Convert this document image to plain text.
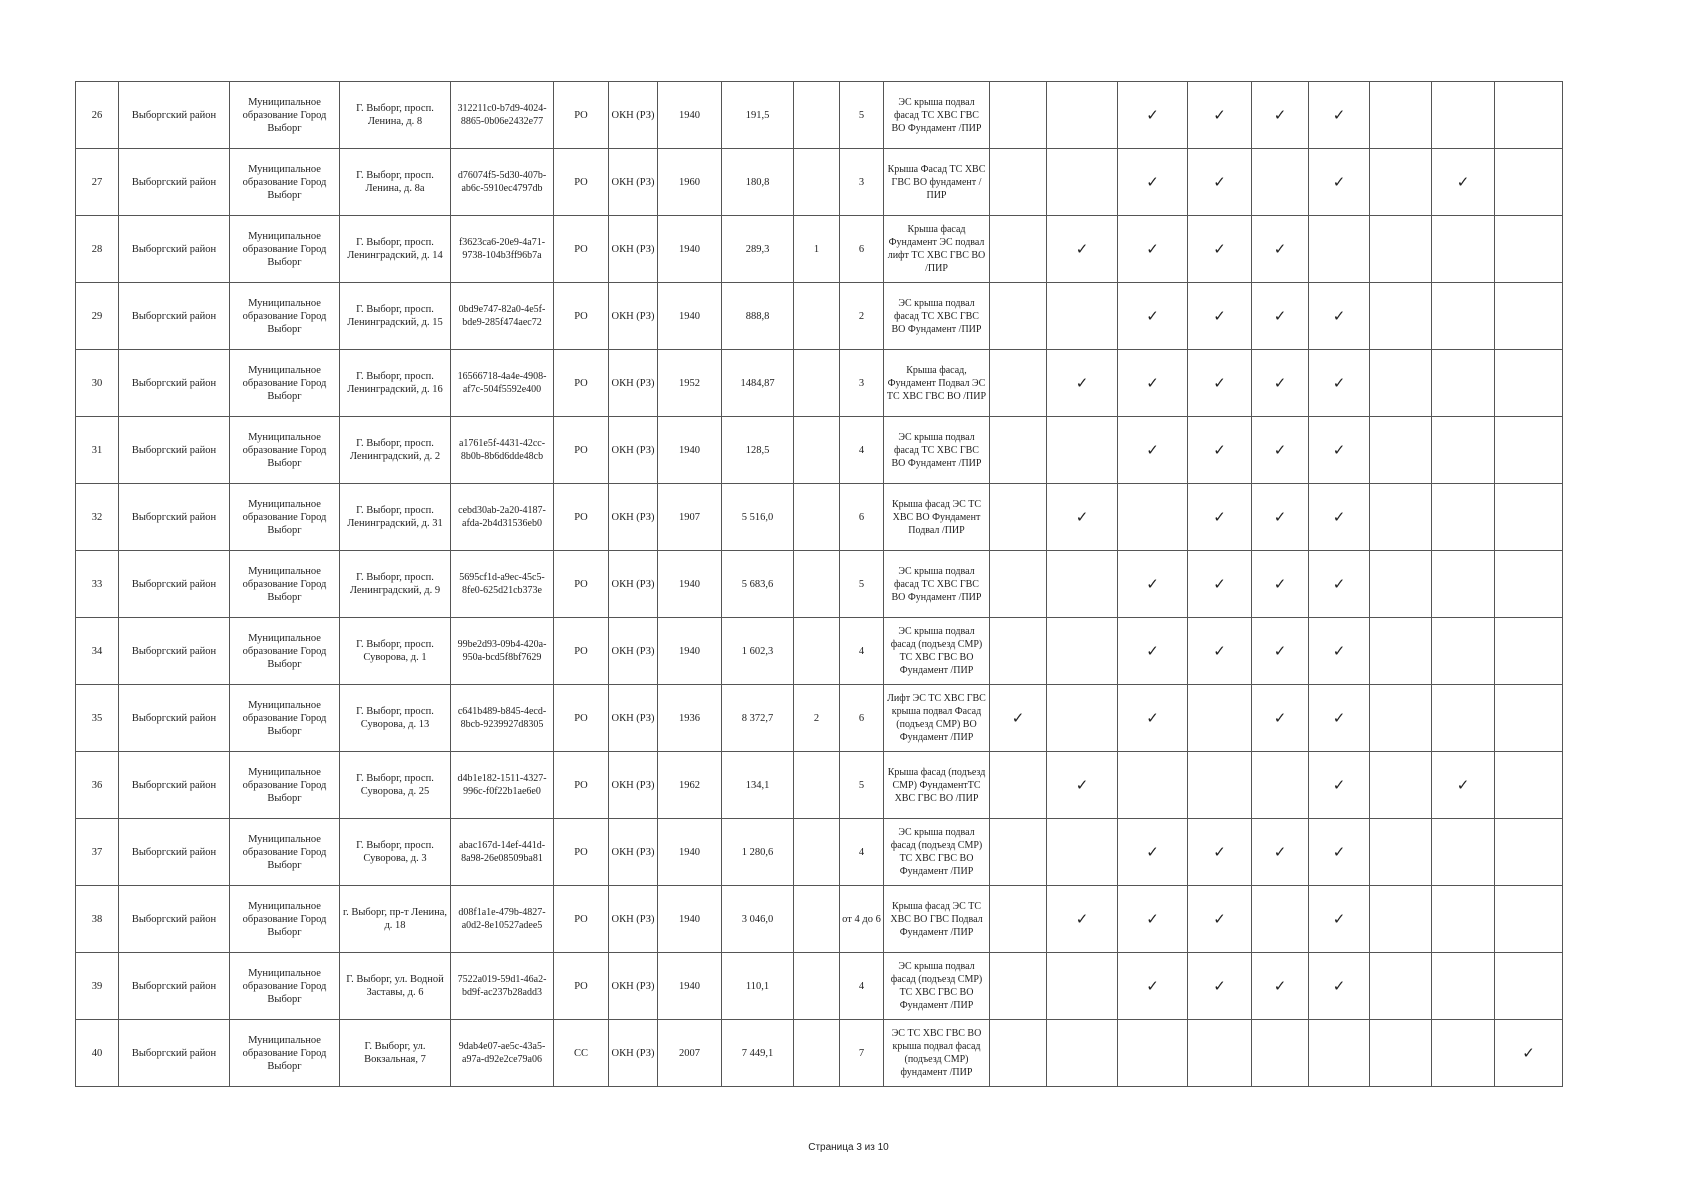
26	Выборгский район	Муниципальное образование Город Выборг	Г. Выборг, просп. Ленина, д. 8	312211c0-b7d9-4024-8865-0b06e2432e77	РО	ОКН (РЗ)	1940	191,5		5	ЭС крыша подвал фасад ТС ХВС ГВС ВО Фундамент /ПИР			✓	✓	✓	✓			
27	Выборгский район	Муниципальное образование Город Выборг	Г. Выборг, просп. Ленина, д. 8а	d76074f5-5d30-407b-ab6c-5910ec4797db	РО	ОКН (РЗ)	1960	180,8		3	Крыша Фасад ТС ХВС ГВС ВО фундамент /ПИР			✓	✓		✓		✓	
28	Выборгский район	Муниципальное образование Город Выборг	Г. Выборг, просп. Ленинградский, д. 14	f3623ca6-20e9-4a71-9738-104b3ff96b7a	РО	ОКН (РЗ)	1940	289,3	1	6	Крыша фасад Фундамент ЭС подвал лифт ТС ХВС ГВС ВО /ПИР		✓	✓	✓	✓				
29	Выборгский район	Муниципальное образование Город Выборг	Г. Выборг, просп. Ленинградский, д. 15	0bd9e747-82a0-4e5f-bde9-285f474aec72	РО	ОКН (РЗ)	1940	888,8		2	ЭС крыша подвал фасад ТС ХВС ГВС ВО Фундамент /ПИР			✓	✓	✓	✓			
30	Выборгский район	Муниципальное образование Город Выборг	Г. Выборг, просп. Ленинградский, д. 16	16566718-4a4e-4908-af7c-504f5592e400	РО	ОКН (РЗ)	1952	1484,87		3	Крыша фасад, Фундамент Подвал ЭС ТС ХВС ГВС ВО /ПИР		✓	✓	✓	✓	✓			
31	Выборгский район	Муниципальное образование Город Выборг	Г. Выборг, просп. Ленинградский, д. 2	a1761e5f-4431-42cc-8b0b-8b6d6dde48cb	РО	ОКН (РЗ)	1940	128,5		4	ЭС крыша подвал фасад ТС ХВС ГВС ВО Фундамент /ПИР			✓	✓	✓	✓			
32	Выборгский район	Муниципальное образование Город Выборг	Г. Выборг, просп. Ленинградский, д. 31	cebd30ab-2a20-4187-afda-2b4d31536eb0	РО	ОКН (РЗ)	1907	5 516,0		6	Крыша фасад ЭС ТС ХВС ВО Фундамент Подвал /ПИР		✓		✓	✓	✓			
33	Выборгский район	Муниципальное образование Город Выборг	Г. Выборг, просп. Ленинградский, д. 9	5695cf1d-a9ec-45c5-8fe0-625d21cb373e	РО	ОКН (РЗ)	1940	5 683,6		5	ЭС крыша подвал фасад ТС ХВС ГВС ВО Фундамент /ПИР			✓	✓	✓	✓			
34	Выборгский район	Муниципальное образование Город Выборг	Г. Выборг, просп. Суворова, д. 1	99be2d93-09b4-420a-950a-bcd5f8bf7629	РО	ОКН (РЗ)	1940	1 602,3		4	ЭС крыша подвал фасад (подъезд СМР) ТС ХВС ГВС ВО Фундамент /ПИР			✓	✓	✓	✓			
35	Выборгский район	Муниципальное образование Город Выборг	Г. Выборг, просп. Суворова, д. 13	c641b489-b845-4ecd-8bcb-9239927d8305	РО	ОКН (РЗ)	1936	8 372,7	2	6	Лифт ЭС ТС ХВС ГВС крыша подвал Фасад (подъезд СМР) ВО Фундамент /ПИР	✓		✓		✓	✓			
36	Выборгский район	Муниципальное образование Город Выборг	Г. Выборг, просп. Суворова, д. 25	d4b1e182-1511-4327-996c-f0f22b1ae6e0	РО	ОКН (РЗ)	1962	134,1		5	Крыша фасад (подъезд СМР) ФундаментТС ХВС ГВС ВО /ПИР		✓				✓		✓	
37	Выборгский район	Муниципальное образование Город Выборг	Г. Выборг, просп. Суворова, д. 3	abac167d-14ef-441d-8a98-26e08509ba81	РО	ОКН (РЗ)	1940	1 280,6		4	ЭС крыша подвал фасад (подъезд СМР) ТС ХВС ГВС ВО Фундамент /ПИР			✓	✓	✓	✓			
38	Выборгский район	Муниципальное образование Город Выборг	г. Выборг, пр-т Ленина, д. 18	d08f1a1e-479b-4827-a0d2-8e10527adee5	РО	ОКН (РЗ)	1940	3 046,0		от 4 до 6	Крыша фасад ЭС ТС ХВС ВО ГВС Подвал Фундамент /ПИР		✓	✓	✓		✓			
39	Выборгский район	Муниципальное образование Город Выборг	Г. Выборг, ул. Водной Заставы, д. 6	7522a019-59d1-46a2-bd9f-ac237b28add3	РО	ОКН (РЗ)	1940	110,1		4	ЭС крыша подвал фасад (подъезд СМР) ТС ХВС ГВС ВО Фундамент /ПИР			✓	✓	✓	✓			
40	Выборгский район	Муниципальное образование Город Выборг	Г. Выборг, ул. Вокзальная, 7	9dab4e07-ae5c-43a5-a97a-d92e2ce79a06	СС	ОКН (РЗ)	2007	7 449,1		7	ЭС ТС ХВС ГВС ВО крыша подвал фасад (подъезд СМР) фундамент /ПИР									✓
Страница 3 из 10
